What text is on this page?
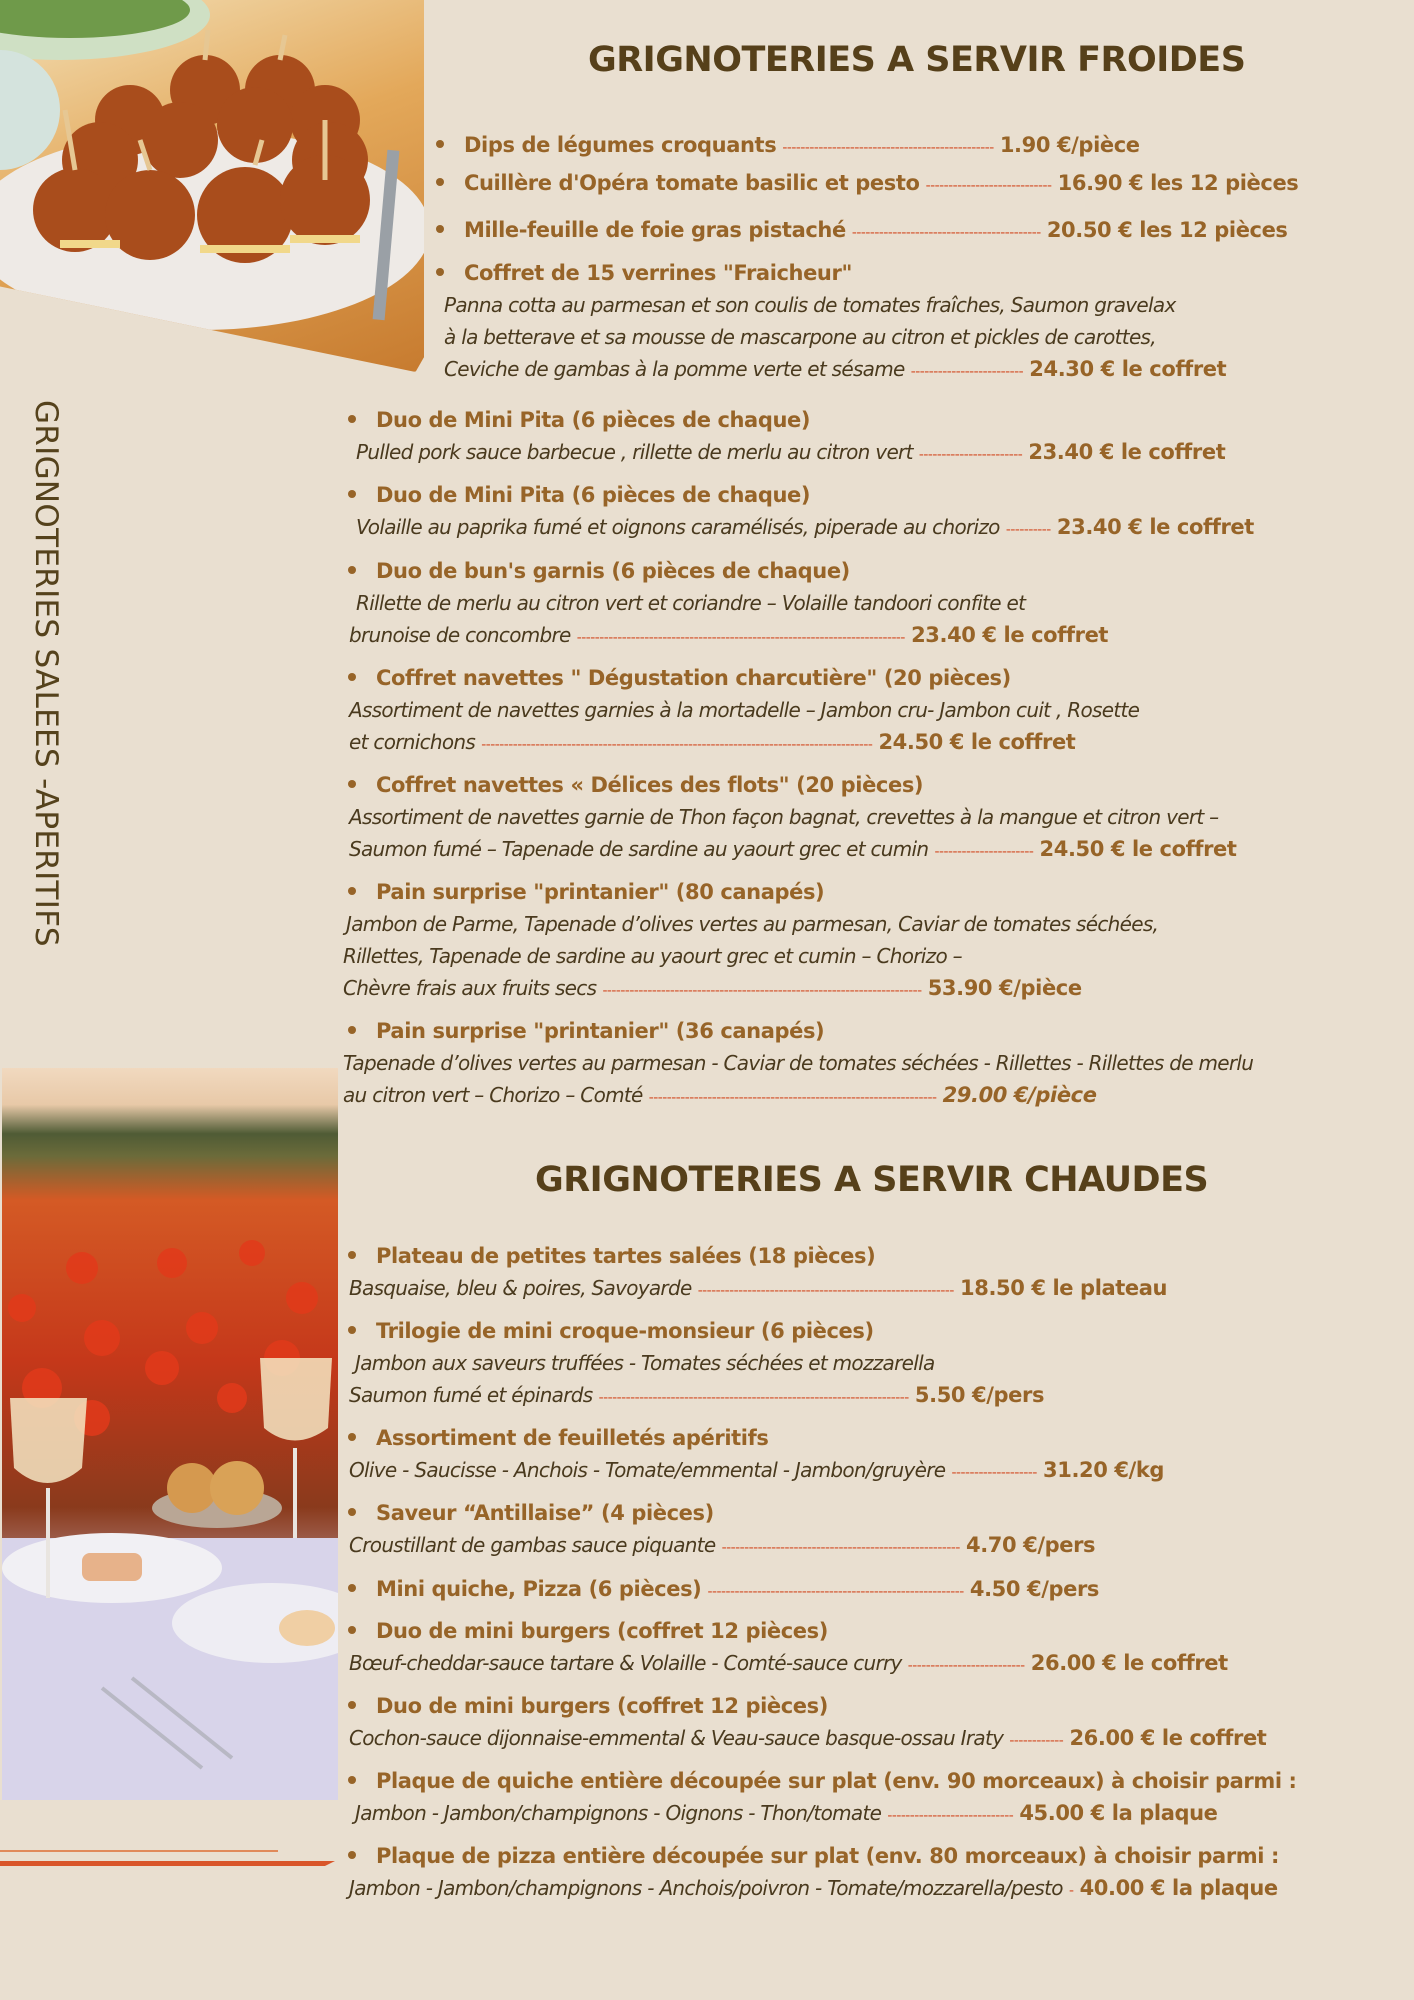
GRIGNOTERIES SALEES -APERITIFS
GRIGNOTERIES A SERVIR FROIDES
Dips de légumes croquants ----------------------------------------------- 1.90 €/pièce
Cuillère d'Opéra tomate basilic et pesto ---------------------------- 16.90 € les 12 pièces
Mille-feuille de foie gras pistaché ------------------------------------------ 20.50 € les 12 pièces
Coffret de 15 verrines "Fraicheur"
Panna cotta au parmesan et son coulis de tomates fraîches, Saumon gravelax
à la betterave et sa mousse de mascarpone au citron et pickles de carottes,
Ceviche de gambas à la pomme verte et sésame ------------------------- 24.30 € le coffret
Duo de Mini Pita (6 pièces de chaque)
Pulled pork sauce barbecue , rillette de merlu au citron vert ----------------------- 23.40 € le coffret
Duo de Mini Pita (6 pièces de chaque)
Volaille au paprika fumé et oignons caramélisés, piperade au chorizo ---------- 23.40 € le coffret
Duo de bun's garnis (6 pièces de chaque)
Rillette de merlu au citron vert et coriandre – Volaille tandoori confite et
brunoise de concombre ------------------------------------------------------------------------- 23.40 € le coffret
Coffret navettes " Dégustation charcutière" (20 pièces)
Assortiment de navettes garnies à la mortadelle – Jambon cru- Jambon cuit , Rosette
et cornichons --------------------------------------------------------------------------------------- 24.50 € le coffret
Coffret navettes « Délices des flots" (20 pièces)
Assortiment de navettes garnie de Thon façon bagnat, crevettes à la mangue et citron vert –
Saumon fumé – Tapenade de sardine au yaourt grec et cumin ---------------------- 24.50 € le coffret
Pain surprise "printanier" (80 canapés)
Jambon de Parme, Tapenade d’olives vertes au parmesan, Caviar de tomates séchées,
Rillettes, Tapenade de sardine au yaourt grec et cumin – Chorizo –
Chèvre frais aux fruits secs ----------------------------------------------------------------------- 53.90 €/pièce
Pain surprise "printanier" (36 canapés)
Tapenade d’olives vertes au parmesan - Caviar de tomates séchées - Rillettes - Rillettes de merlu
au citron vert – Chorizo – Comté ---------------------------------------------------------------- 29.00 €/pièce
GRIGNOTERIES A SERVIR CHAUDES
Plateau de petites tartes salées (18 pièces)
Basquaise, bleu & poires, Savoyarde --------------------------------------------------------- 18.50 € le plateau
Trilogie de mini croque-monsieur (6 pièces)
Jambon aux saveurs truffées - Tomates séchées et mozzarella
Saumon fumé et épinards --------------------------------------------------------------------- 5.50 €/pers
Assortiment de feuilletés apéritifs
Olive - Saucisse - Anchois - Tomate/emmental - Jambon/gruyère ------------------- 31.20 €/kg
Saveur “Antillaise” (4 pièces)
Croustillant de gambas sauce piquante ----------------------------------------------------- 4.70 €/pers
Mini quiche, Pizza (6 pièces) --------------------------------------------------------- 4.50 €/pers
Duo de mini burgers (coffret 12 pièces)
Bœuf-cheddar-sauce tartare & Volaille - Comté-sauce curry -------------------------- 26.00 € le coffret
Duo de mini burgers (coffret 12 pièces)
Cochon-sauce dijonnaise-emmental & Veau-sauce basque-ossau Iraty ------------ 26.00 € le coffret
Plaque de quiche entière découpée sur plat (env. 90 morceaux) à choisir parmi :
Jambon - Jambon/champignons - Oignons - Thon/tomate ---------------------------- 45.00 € la plaque
Plaque de pizza entière découpée sur plat (env. 80 morceaux) à choisir parmi :
Jambon - Jambon/champignons - Anchois/poivron - Tomate/mozzarella/pesto - 40.00 € la plaque
